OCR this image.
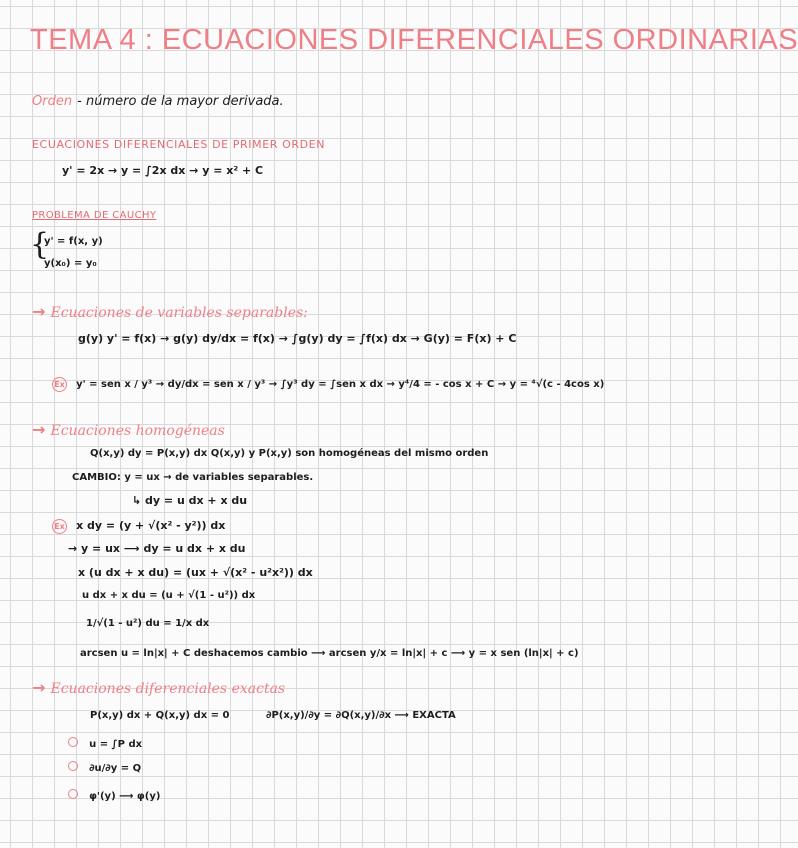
TEMA 4 : ECUACIONES DIFERENCIALES ORDINARIAS
Orden - número de la mayor derivada.
ECUACIONES DIFERENCIALES DE PRIMER ORDEN
y' = 2x → y = ∫2x dx → y = x² + C
PROBLEMA DE CAUCHY
{
y' = f(x, y)
y(x₀) = y₀
→ Ecuaciones de variables separables:
g(y) y' = f(x) → g(y) dy/dx = f(x) → ∫g(y) dy = ∫f(x) dx → G(y) = F(x) + C
Ex y' = sen x / y³ → dy/dx = sen x / y³ → ∫y³ dy = ∫sen x dx → y⁴/4 = - cos x + C → y = ⁴√(c - 4cos x)
→ Ecuaciones homogéneas
Q(x,y) dy = P(x,y) dx Q(x,y) y P(x,y) son homogéneas del mismo orden
CAMBIO: y = ux → de variables separables.
↳ dy = u dx + x du
Ex x dy = (y + √(x² - y²)) dx
→ y = ux ⟶ dy = u dx + x du
x (u dx + x du) = (ux + √(x² - u²x²)) dx
u dx + x du = (u + √(1 - u²)) dx
1/√(1 - u²) du = 1/x dx
arcsen u = ln|x| + C deshacemos cambio ⟶ arcsen y/x = ln|x| + c ⟶ y = x sen (ln|x| + c)
→ Ecuaciones diferenciales exactas
P(x,y) dx + Q(x,y) dx = 0	∂P(x,y)/∂y = ∂Q(x,y)/∂x ⟶ EXACTA
u = ∫P dx
∂u/∂y = Q
φ'(y) ⟶ φ(y)
